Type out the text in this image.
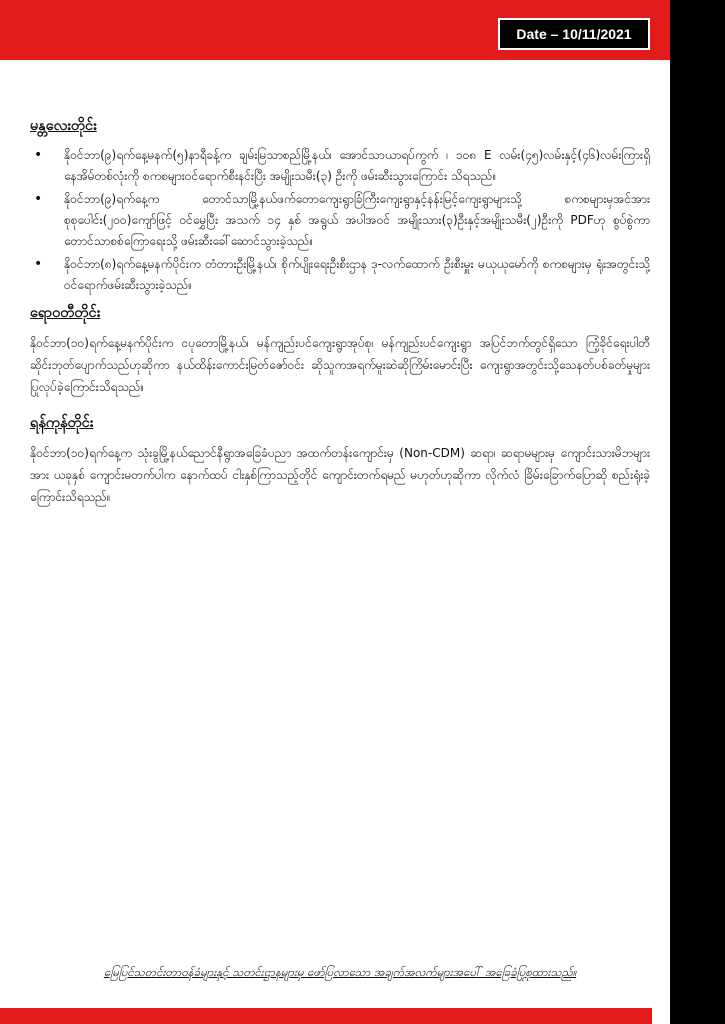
Date – 10/11/2021
မန္တလေးတိုင်း
• နိုဝင်ဘာ(၉)ရက်နေ့မနက်(၅)နာရီခန့်က ချမ်းမြသာစည်မြို့နယ်၊ အောင်သာယာရပ်ကွက် ၊ ၁၀၈ E လမ်း(၄၅)လမ်းနှင့်(၄၆)လမ်းကြားရှိ နေအိမ်တစ်လုံးကို စကစများဝင်ရောက်စီးနင်းပြီး အမျိုးသမီး(၃) ဦးကို ဖမ်းဆီးသွားကြောင်း သိရသည်။
• နိုဝင်ဘာ(၉)ရက်နေ့က တောင်သာမြို့နယ်ဖက်တောကျေးရွာခြံကြီးကျေးရွာနှင့်နန်းမြင့်ကျေးရွာများသို့ စကစများမှအင်အား စုစုပေါင်း(၂၀၀)ကျော်ဖြင့် ဝင်မွှေပြီး အသက် ၁၄ နှစ် အရွယ် အပါအဝင် အမျိုးသား(၃)ဦးနှင့်အမျိုးသမီး(၂)ဦးကို PDFဟု စွပ်စွဲကာ တောင်သာစစ်ကြောရေးသို့ ဖမ်းဆီးခေါ်ဆောင်သွားခဲ့သည်။
• နိုဝင်ဘာ(၈)ရက်နေ့မနက်ပိုင်းက တံတားဦးမြို့နယ်၊ စိုက်ပျိုးရေးဦးစီးဌာန ဒု-လက်ထောက် ဦးစီးမှူး မယုယုမော်ကို စကစများမှ ရုံးအတွင်းသို့ ဝင်ရောက်ဖမ်းဆီးသွားခဲ့သည်။
ရောဝတီတိုင်း

နိုဝင်ဘာ(၁၀)ရက်နေ့မနက်ပိုင်းက ငပုတောမြို့နယ်၊ မန်ကျည်းပင်ကျေးရွာအုပ်စု၊ မန်ကျည်းပင်ကျေးရွာ အပြင်ဘက်တွင်ရှိသော ကြံ့ခိုင်ရေးပါတီဆိုင်းဘုတ်ပျောက်သည်ဟုဆိုကာ နယ်ထိန်းကောင်းမြတ်ဇော်ဝင်း ဆိုသူကအရက်မူးဆဲဆိုကြိမ်းမောင်းပြီး ကျေးရွာအတွင်းသို့သေနတ်ပစ်ခတ်မှုများပြုလုပ်ခဲ့ကြောင်းသိရသည်။

ရန်ကုန်တိုင်း

နိုဝင်ဘာ(၁၀)ရက်နေ့က သုံးခွမြို့နယ်ညောင်နီရွာအခြေခံပညာ အထက်တန်းကျောင်းမှ (Non-CDM) ဆရာ၊ ဆရာမများမှ ကျောင်းသားမိဘများအား ယခုနှစ် ကျောင်းမတက်ပါက နောက်ထပ် ငါးနှစ်ကြာသည့်တိုင် ကျောင်းတက်ရမည် မဟုတ်ဟုဆိုကာ လိုက်လံ ခြိမ်းခြောက်ပြောဆို စည်းရုံးခဲ့ကြောင်းသိရသည်။

မြေပြင်သတင်းတာဝန်ခံများနှင့် သတင်းဌာနများမှ ဖော်ပြလာသော အချက်အလက်များအပေါ် အခြေခံပြုစုထားသည်။
